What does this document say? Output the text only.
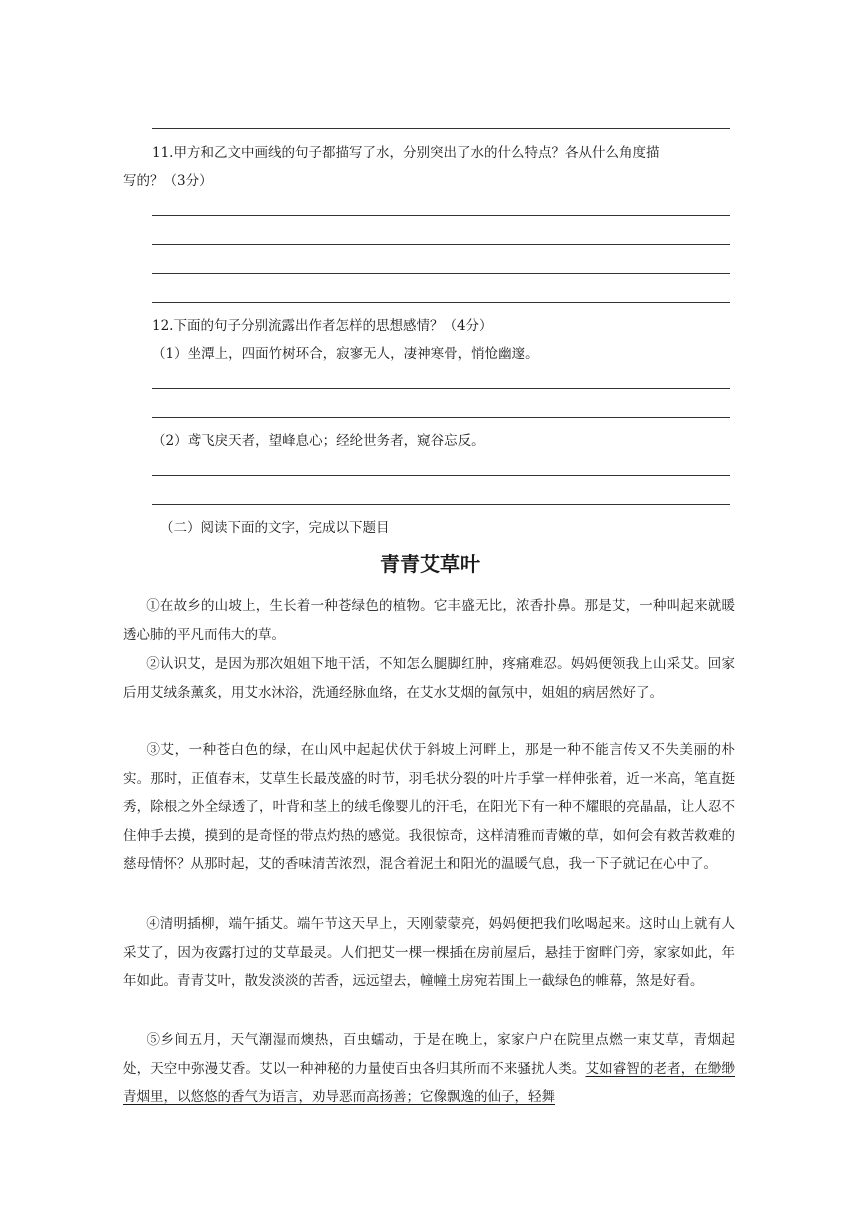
11.甲方和乙文中画线的句子都描写了水，分别突出了水的什么特点？各从什么角度描
写的？（3分）
12.下面的句子分别流露出作者怎样的思想感情？（4分）
（1）坐潭上，四面竹树环合，寂寥无人，凄神寒骨，悄怆幽邃。
（2）鸢飞戾天者，望峰息心；经纶世务者，窥谷忘反。
（二）阅读下面的文字，完成以下题目
青青艾草叶
①在故乡的山坡上，生长着一种苍绿色的植物。它丰盛无比，浓香扑鼻。那是艾，一种叫起来就暖透心肺的平凡而伟大的草。
②认识艾，是因为那次姐姐下地干活，不知怎么腿脚红肿，疼痛难忍。妈妈便领我上山采艾。回家后用艾绒条薰炙，用艾水沐浴，洗通经脉血络，在艾水艾烟的氤氖中，姐姐的病居然好了。
③艾，一种苍白色的绿，在山风中起起伏伏于斜坡上河畔上，那是一种不能言传又不失美丽的朴实。那时，正值春末，艾草生长最茂盛的时节，羽毛状分裂的叶片手掌一样伸张着，近一米高，笔直挺秀，除根之外全绿透了，叶背和茎上的绒毛像婴儿的汗毛，在阳光下有一种不耀眼的亮晶晶，让人忍不住伸手去摸，摸到的是奇怪的带点灼热的感觉。我很惊奇，这样清雅而青嫩的草，如何会有救苦救难的慈母情怀？从那时起，艾的香味清苦浓烈，混含着泥土和阳光的温暖气息，我一下子就记在心中了。
④清明插柳，端午插艾。端午节这天早上，天刚蒙蒙亮，妈妈便把我们吆喝起来。这时山上就有人采艾了，因为夜露打过的艾草最灵。人们把艾一棵一棵插在房前屋后，悬挂于窗畔门旁，家家如此，年年如此。青青艾叶，散发淡淡的苦香，远远望去，幢幢土房宛若围上一截绿色的帷幕，煞是好看。
⑤乡间五月，天气潮湿而燠热，百虫蠕动，于是在晚上，家家户户在院里点燃一束艾草，青烟起处，天空中弥漫艾香。艾以一种神秘的力量使百虫各归其所而不来骚扰人类。艾如睿智的老者，在缈缈青烟里，以悠悠的香气为语言，劝导恶而高扬善；它像飘逸的仙子，轻舞
